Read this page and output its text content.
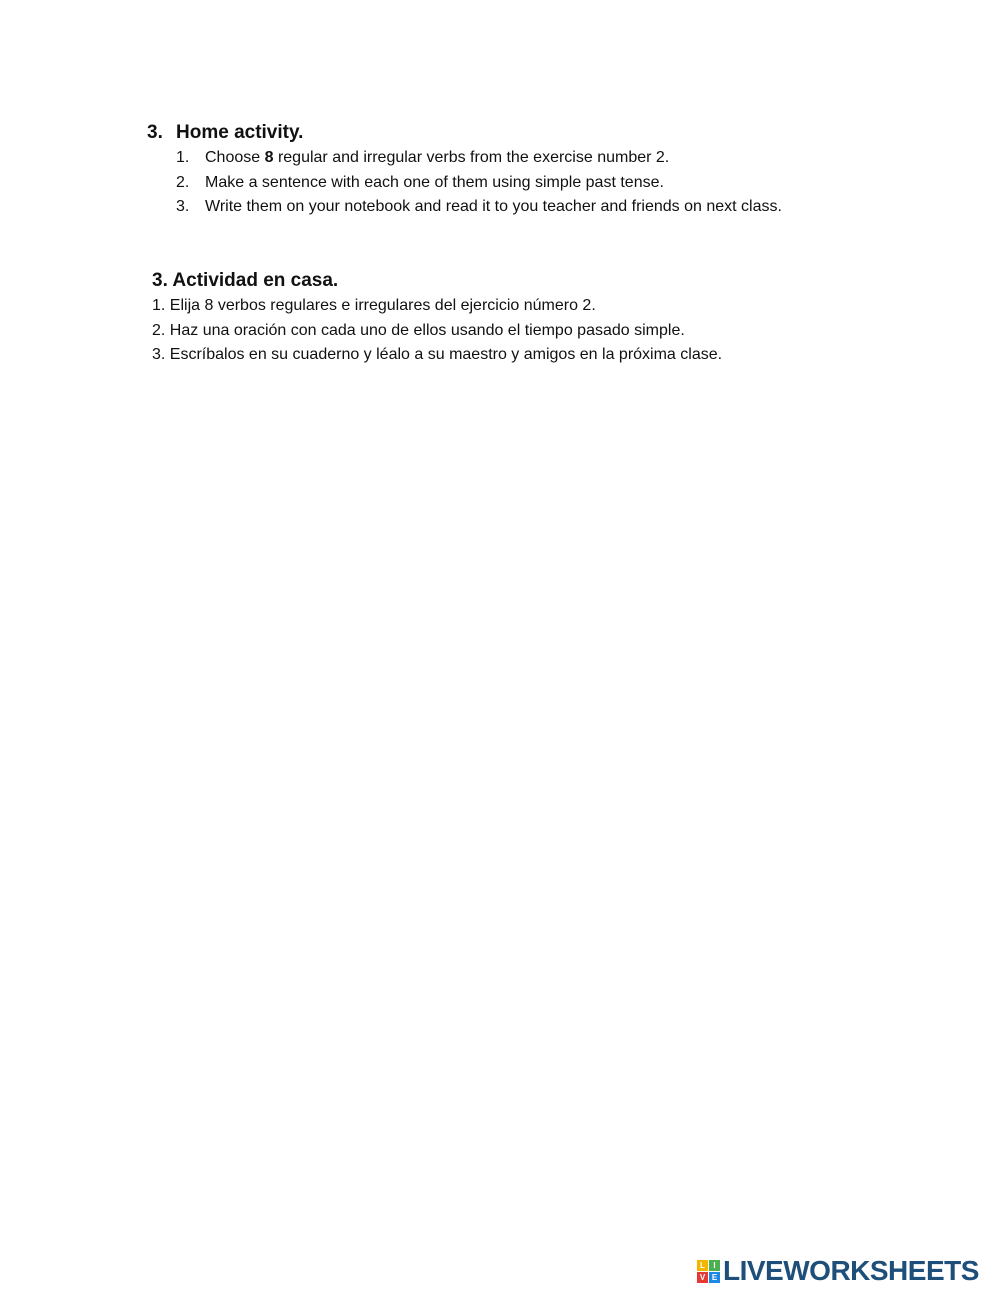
3. Home activity.
1. Choose 8 regular and irregular verbs from the exercise number 2.
2. Make a sentence with each one of them using simple past tense.
3. Write them on your notebook and read it to you teacher and friends on next class.
3. Actividad en casa.
1. Elija 8 verbos regulares e irregulares del ejercicio número 2.
2. Haz una oración con cada uno de ellos usando el tiempo pasado simple.
3. Escríbalos en su cuaderno y léalo a su maestro y amigos en la próxima clase.
L	I
V E LIVEWORKSHEETS
